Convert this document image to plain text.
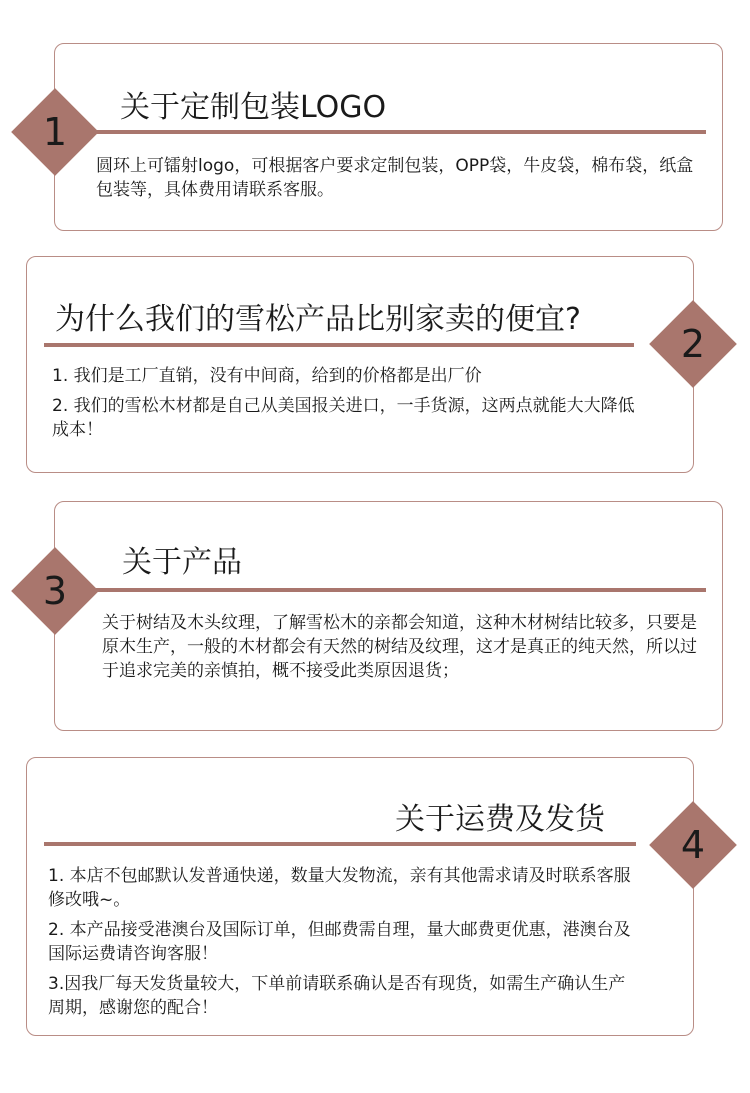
1
关于定制包装LOGO

圆环上可镭射logo，可根据客户要求定制包装，OPP袋，牛皮袋，棉布袋，纸盒包装等，具体费用请联系客服。

2
为什么我们的雪松产品比别家卖的便宜?

1. 我们是工厂直销，没有中间商，给到的价格都是出厂价

2. 我们的雪松木材都是自己从美国报关进口，一手货源，这两点就能大大降低成本！

3
关于产品

关于树结及木头纹理，了解雪松木的亲都会知道，这种木材树结比较多，只要是原木生产，一般的木材都会有天然的树结及纹理，这才是真正的纯天然，所以过于追求完美的亲慎拍，概不接受此类原因退货；

4
关于运费及发货

1. 本店不包邮默认发普通快递，数量大发物流，亲有其他需求请及时联系客服修改哦~。

2. 本产品接受港澳台及国际订单，但邮费需自理，量大邮费更优惠，港澳台及国际运费请咨询客服！

3.因我厂每天发货量较大，下单前请联系确认是否有现货，如需生产确认生产周期，感谢您的配合！
